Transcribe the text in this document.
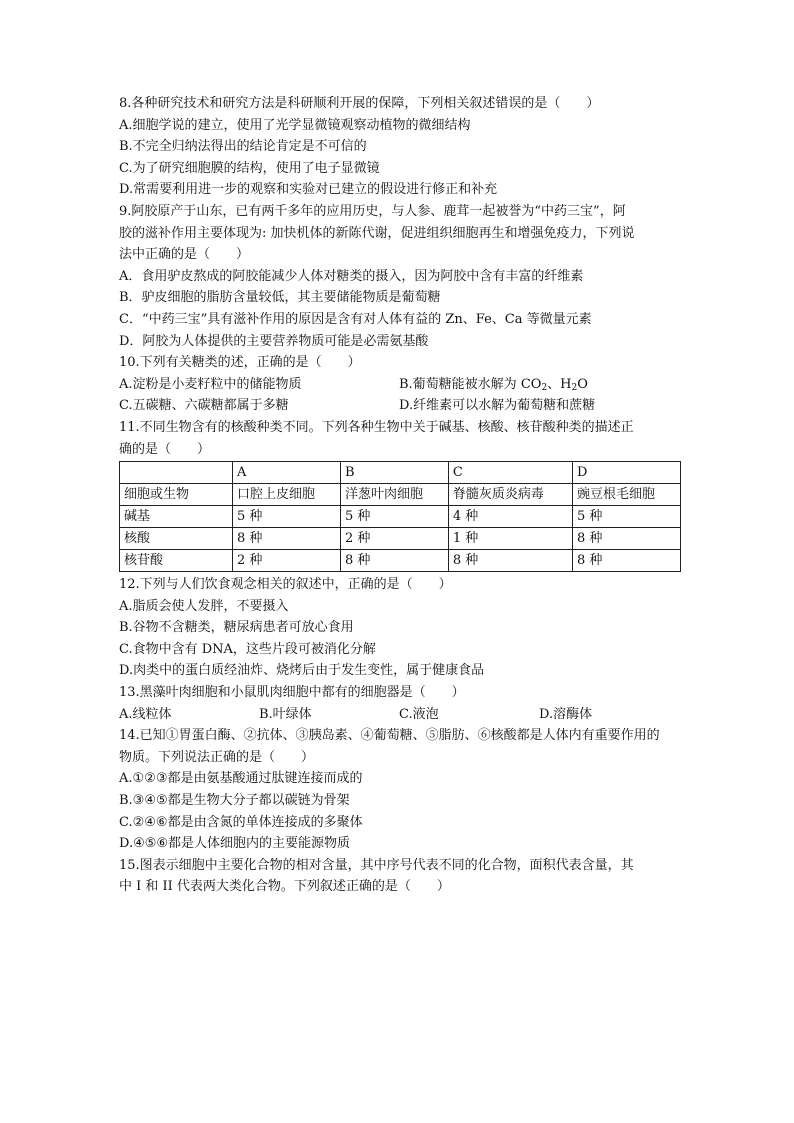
8.各种研究技术和研究方法是科研顺利开展的保障，下列相关叙述错误的是（　　）
A.细胞学说的建立，使用了光学显微镜观察动植物的微细结构
B.不完全归纳法得出的结论肯定是不可信的
C.为了研究细胞膜的结构，使用了电子显微镜
D.常需要利用进一步的观察和实验对已建立的假设进行修正和补充
9.阿胶原产于山东，已有两千多年的应用历史，与人参、鹿茸一起被誉为“中药三宝”，阿
胶的滋补作用主要体现为: 加快机体的新陈代谢，促进组织细胞再生和增强免疫力，下列说
法中正确的是（　　）
A．食用驴皮熬成的阿胶能减少人体对糖类的摄入，因为阿胶中含有丰富的纤维素
B．驴皮细胞的脂肪含量较低，其主要储能物质是葡萄糖
C．“中药三宝”具有滋补作用的原因是含有对人体有益的 Zn、Fe、Ca 等微量元素
D．阿胶为人体提供的主要营养物质可能是必需氨基酸
10.下列有关糖类的述，正确的是（　　）
A.淀粉是小麦籽粒中的储能物质	B.葡萄糖能被水解为 $CO_2$、$H_2O$
C.五碳糖、六碳糖都属于多糖	D.纤维素可以水解为葡萄糖和蔗糖
11.不同生物含有的核酸种类不同。下列各种生物中关于碱基、核酸、核苷酸种类的描述正
确的是（　　）
	A	B	C	D
细胞或生物	口腔上皮细胞	洋葱叶肉细胞	脊髓灰质炎病毒	豌豆根毛细胞
碱基	5 种	5 种	4 种	5 种
核酸	8 种	2 种	1 种	8 种
核苷酸	2 种	8 种	8 种	8 种
12.下列与人们饮食观念相关的叙述中，正确的是（　　）
A.脂质会使人发胖，不要摄入
B.谷物不含糖类，糖尿病患者可放心食用
C.食物中含有 DNA，这些片段可被消化分解
D.肉类中的蛋白质经油炸、烧烤后由于发生变性，属于健康食品
13.黑藻叶肉细胞和小鼠肌肉细胞中都有的细胞器是（　　）
A.线粒体	B.叶绿体	C.液泡	D.溶酶体
14.已知①胃蛋白酶、②抗体、③胰岛素、④葡萄糖、⑤脂肪、⑥核酸都是人体内有重要作用的
物质。下列说法正确的是（　　）
A.①②③都是由氨基酸通过肽键连接而成的
B.③④⑤都是生物大分子都以碳链为骨架
C.②④⑥都是由含氮的单体连接成的多聚体
D.④⑤⑥都是人体细胞内的主要能源物质
15.图表示细胞中主要化合物的相对含量，其中序号代表不同的化合物，面积代表含量，其
中 I 和 II 代表两大类化合物。下列叙述正确的是（　　）
